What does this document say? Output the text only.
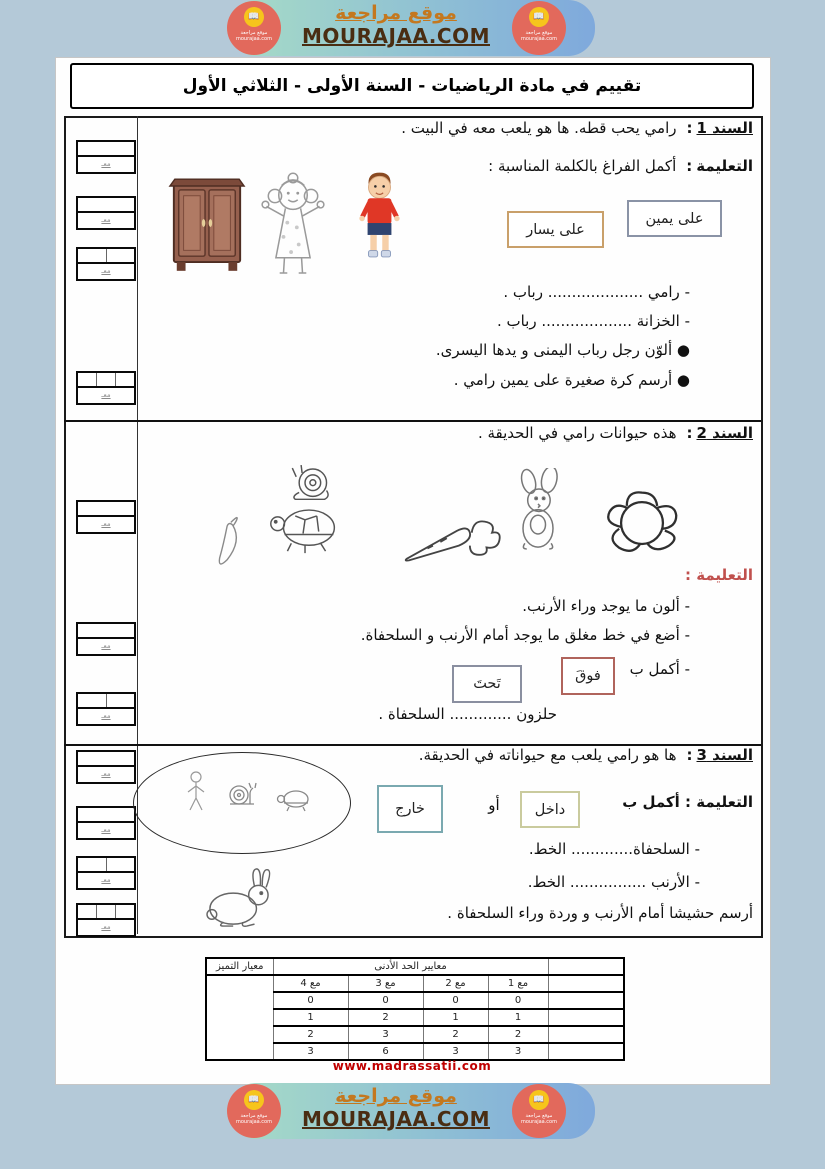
📖
موقع مراجعة
mourajaa.com
📖
موقع مراجعة
mourajaa.com
موقع مراجعة
MOURAJAA.COM
تقييم في مادة الرياضيات - السنة الأولى - الثلاثي الأول
معـ
معـ
معـ
معـ
معـ
معـ
معـ
معـ
معـ
معـ
معـ
السند 1:رامي يحب قطه. ها هو يلعب معه في البيت .
التعليمة:أكمل الفراغ بالكلمة المناسبة :
على يمين
على يسار
- رامي .................... رباب .
- الخزانة ................... رباب .
● ألوّن رجل رباب اليمنى و يدها اليسرى.
● أرسم كرة صغيرة على يمين رامي .
السند 2:هذه حيوانات رامي في الحديقة .
التعليمة :
- ألون ما يوجد وراء الأرنب.
- أضع في خط مغلق ما يوجد أمام الأرنب و السلحفاة.
- أكمل ب
فوقَ
تَحتَ
حلزون ............. السلحفاة .
السند 3:ها هو رامي يلعب مع حيواناته في الحديقة.
التعليمة : أكمل ب
داخل
أو
خارج
- السلحفاة............. الخط.
- الأرنب ................ الخط.
أرسم حشيشا أمام الأرنب و وردة وراء السلحفاة .
معيار التميز	معايير الحد الأدنى				
	مع 4	مع 3	مع 2	مع 1	
	0	0	0	0	
	1	2	1	1	
	2	3	2	2	
	3	6	3	3	
www.madrassatii.com
📖
موقع مراجعة
mourajaa.com
📖
موقع مراجعة
mourajaa.com
موقع مراجعة
MOURAJAA.COM
